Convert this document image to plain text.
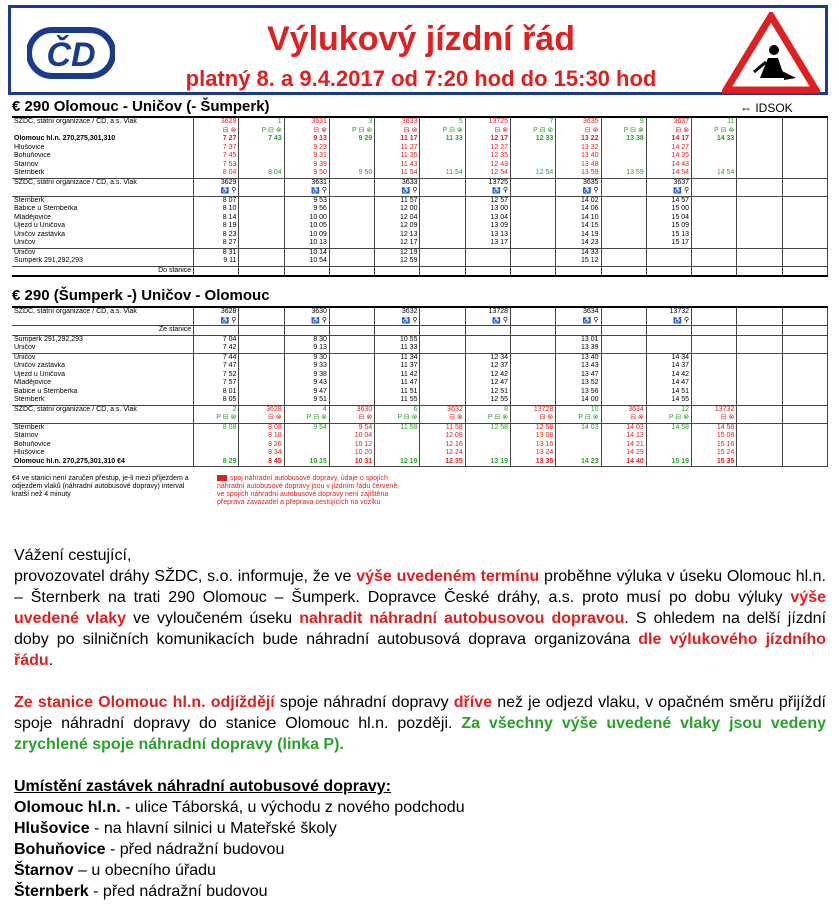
ČD	Výlukový jízdní řád
platný 8. a 9.4.2017 od 7:20 hod do 15:30 hod
€ 290 Olomouc - Uničov (- Šumperk)	⇔ IDSOK
SŽDC, státní organizace / ČD, a.s. Vlak	3629	1	3631	3	3633	5	13725	7	3635	9	3637	11		
	⊟ ⊗	P ⊟ ⊗	⊟ ⊗	P ⊟ ⊗	⊟ ⊗	P ⊟ ⊗	⊟ ⊗	P ⊟ ⊗	⊟ ⊗	P ⊟ ⊗	⊟ ⊗	P ⊟ ⊗		
Olomouc hl.n. 270,275,301,310	7 27	7 43	9 13	9 29	11 17	11 33	12 17	12 33	13 22	13 38	14 17	14 33		
Hlušovice	7 37		9 23		11 27		12 27		13 32		14 27			
Bohuňovice	7 45		9 31		11 35		12 35		13 40		14 35			
Štarnov	7 53		9 39		11 43		12 43		13 48		14 43			
Šternberk	8 04	8 04	9 50	9 50	11 54	11 54	12 54	12 54	13 59	13 59	14 54	14 54		
SŽDC, státní organizace / ČD, a.s. Vlak	3629		3631		3633		13725		3635		3637			
	♿ ⚲		♿ ⚲		♿ ⚲		♿ ⚲		♿ ⚲		♿ ⚲			
Šternberk	8 07		9 53		11 57		12 57		14 02		14 57			
Babice u Šternberka	8 10		9 56		12 00		13 00		14 06		15 00			
Mladějovice	8 14		10 00		12 04		13 04		14 10		15 04			
Újezd u Uničova	8 19		10 05		12 09		13 09		14 15		15 09			
Uničov zastávka	8 23		10 09		12 13		13 13		14 19		15 13			
Uničov	8 27		10 13		12 17		13 17		14 23		15 17			
Uničov	8 31		10 14		12 19				14 33					
Šumperk 291,292,293	9 11		10 54		12 59				15 12					
Do stanice														
€ 290 (Šumperk -) Uničov - Olomouc
SŽDC, státní organizace / ČD, a.s. Vlak	3628		3630		3632		13728		3634		13732			
	♿ ⚲		♿ ⚲		♿ ⚲		♿ ⚲		♿ ⚲		♿ ⚲			
Ze stanice														
Šumperk 291,292,293	7 04		8 30		10 55				13 01					
Uničov	7 42		9 13		11 33				13 39					
Uničov	7 44		9 30		11 34		12 34		13 40		14 34			
Uničov zastávka	7 47		9 33		11 37		12 37		13 43		14 37			
Újezd u Uničova	7 52		9 38		11 42		12 42		13 47		14 42			
Mladějovice	7 57		9 43		11 47		12 47		13 52		14 47			
Babice u Šternberka	8 01		9 47		11 51		12 51		13 56		14 51			
Šternberk	8 05		9 51		11 55		12 55		14 00		14 55			
SŽDC, státní organizace / ČD, a.s. Vlak	2	3628	4	3630	6	3632	8	13728	10	3634	12	13732		
	P ⊟ ⊗	⊟ ⊗	P ⊟ ⊗	⊟ ⊗	P ⊟ ⊗	⊟ ⊗	P ⊟ ⊗	⊟ ⊗	P ⊟ ⊗	⊟ ⊗	P ⊟ ⊗	⊟ ⊗		
Šternberk	8 08	8 08	9 54	9 54	11 58	11 58	12 58	12 58	14 03	14 03	14 58	14 58		
Štarnov		8 18		10 04		12 08		13 08		14 13		15 08		
Bohuňovice		8 26		10 12		12 16		13 16		14 21		15 16		
Hlušovice		8 34		10 20		12 24		13 24		14 29		15 24		
Olomouc hl.n. 270,275,301,310 €4	8 29	8 45	10 15	10 31	12 19	12 35	13 19	13 35	14 23	14 40	15 19	15 35		
€4 ve stanici není zaručen přestup, je-li mezi příjezdem a odjezdem vlaků (náhradní autobusové dopravy) interval kratší než 4 minuty
spoj náhradní autobusové dopravy, údaje o spojích náhradní autobusové dopravy jsou v jízdním řádu červeně, ve spojích náhradní autobusové dopravy není zajištěna přeprava zavazadel a přeprava cestujících na vozíku

Vážení cestující,

provozovatel dráhy SŽDC, s.o. informuje, že ve výše uvedeném termínu proběhne výluka v úseku Olomouc hl.n. – Šternberk na trati 290 Olomouc – Šumperk. Dopravce České dráhy, a.s. proto musí po dobu výluky výše uvedené vlaky ve vyloučeném úseku nahradit náhradní autobusovou dopravou. S ohledem na delší jízdní doby po silničních komunikacích bude náhradní autobusová doprava organizována dle výlukového jízdního řádu.

Ze stanice Olomouc hl.n. odjíždějí spoje náhradní dopravy dříve než je odjezd vlaku, v opačném směru přijíždí spoje náhradní dopravy do stanice Olomouc hl.n. později. Za všechny výše uvedené vlaky jsou vedeny zrychlené spoje náhradní dopravy (linka P).

Umístění zastávek náhradní autobusové dopravy:

Olomouc hl.n. - ulice Táborská, u východu z nového podchodu

Hlušovice - na hlavní silnici u Mateřské školy

Bohuňovice - před nádražní budovou

Štarnov – u obecního úřadu

Šternberk - před nádražní budovou
